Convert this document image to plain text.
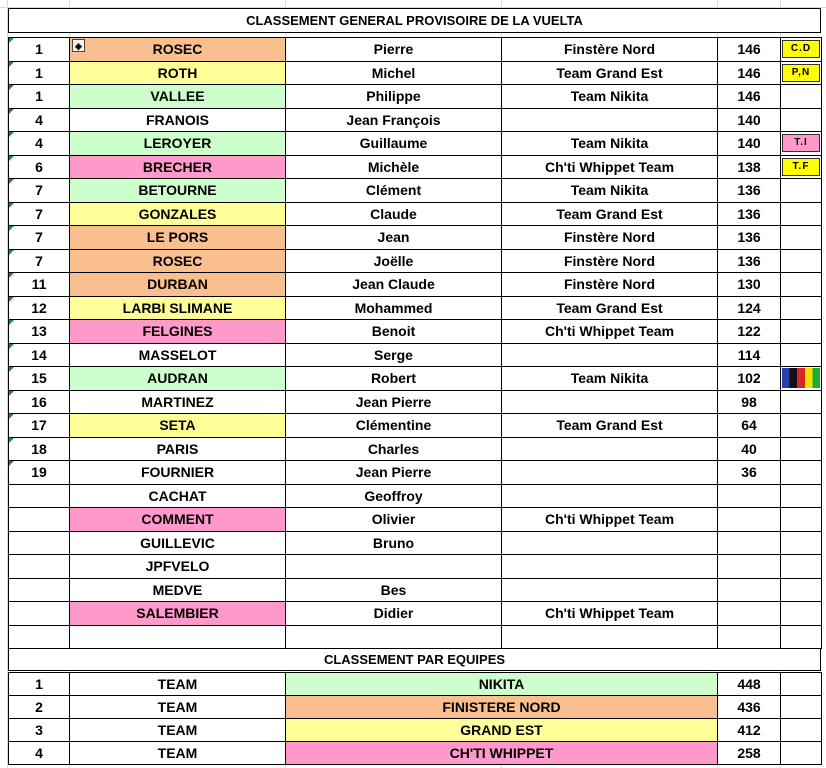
CLASSEMENT GENERAL PROVISOIRE DE LA VUELTA
1	ROSEC	Pierre	Finstère Nord	146	C.D
1	ROTH	Michel	Team Grand Est	146	P,N
1	VALLEE	Philippe	Team Nikita	146	
4	FRANOIS	Jean François		140	
4	LEROYER	Guillaume	Team Nikita	140	T.I
6	BRECHER	Michèle	Ch'ti Whippet Team	138	T.F
7	BETOURNE	Clément	Team Nikita	136	
7	GONZALES	Claude	Team Grand Est	136	
7	LE PORS	Jean	Finstère Nord	136	
7	ROSEC	Joëlle	Finstère Nord	136	
11	DURBAN	Jean Claude	Finstère Nord	130	
12	LARBI SLIMANE	Mohammed	Team Grand Est	124	
13	FELGINES	Benoit	Ch'ti Whippet Team	122	
14	MASSELOT	Serge		114	
15	AUDRAN	Robert	Team Nikita	102	
16	MARTINEZ	Jean Pierre		98	
17	SETA	Clémentine	Team Grand Est	64	
18	PARIS	Charles		40	
19	FOURNIER	Jean Pierre		36	
	CACHAT	Geoffroy			
	COMMENT	Olivier	Ch'ti Whippet Team		
	GUILLEVIC	Bruno			
	JPFVELO				
	MEDVE	Bes			
	SALEMBIER	Didier	Ch'ti Whippet Team		

◈
CLASSEMENT PAR EQUIPES
1	TEAM	NIKITA	448	
2	TEAM	FINISTERE NORD	436	
3	TEAM	GRAND EST	412	
4	TEAM	CH'TI WHIPPET	258	
